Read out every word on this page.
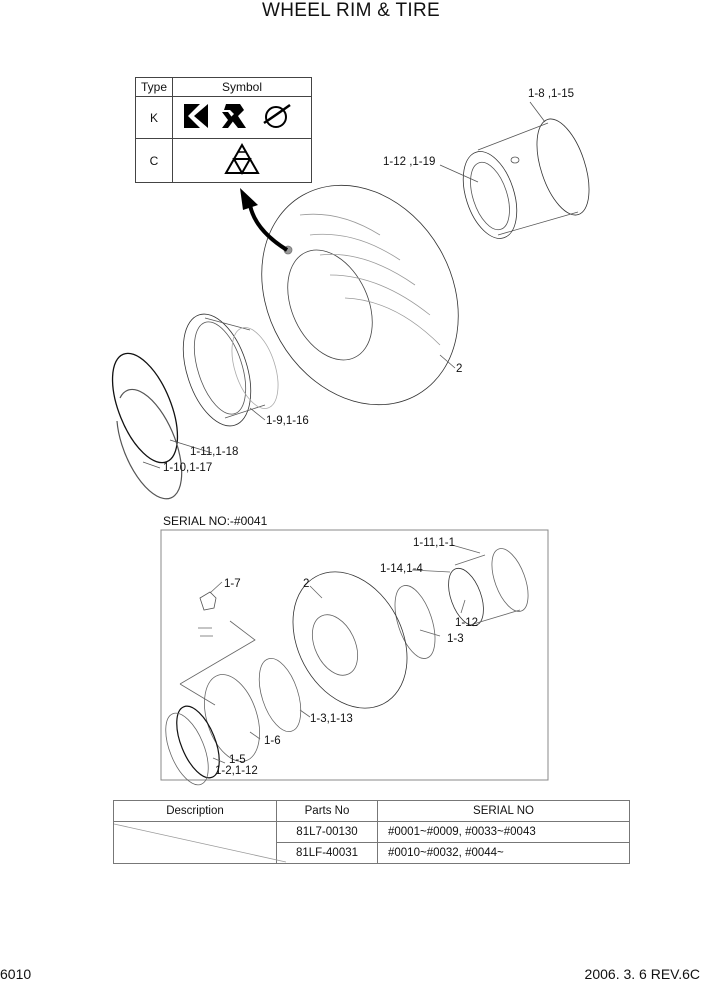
WHEEL RIM & TIRE
Type	Symbol
K	
C	
1-8 ,1-15
1-12 ,1-19
2
1-9,1-16
1-11,1-18
1-10,1-17
SERIAL NO:-#0041
1-11,1-1
1-14,1-4
1-12
1-3
2
1-7
1-3,1-13
1-6
1-5
1-2,1-12
Description	Parts No	SERIAL NO

	81L7-00130	#0001~#0009, #0033~#0043
	81LF-40031	#0010~#0032, #0044~
6010	2006. 3. 6 REV.6C
